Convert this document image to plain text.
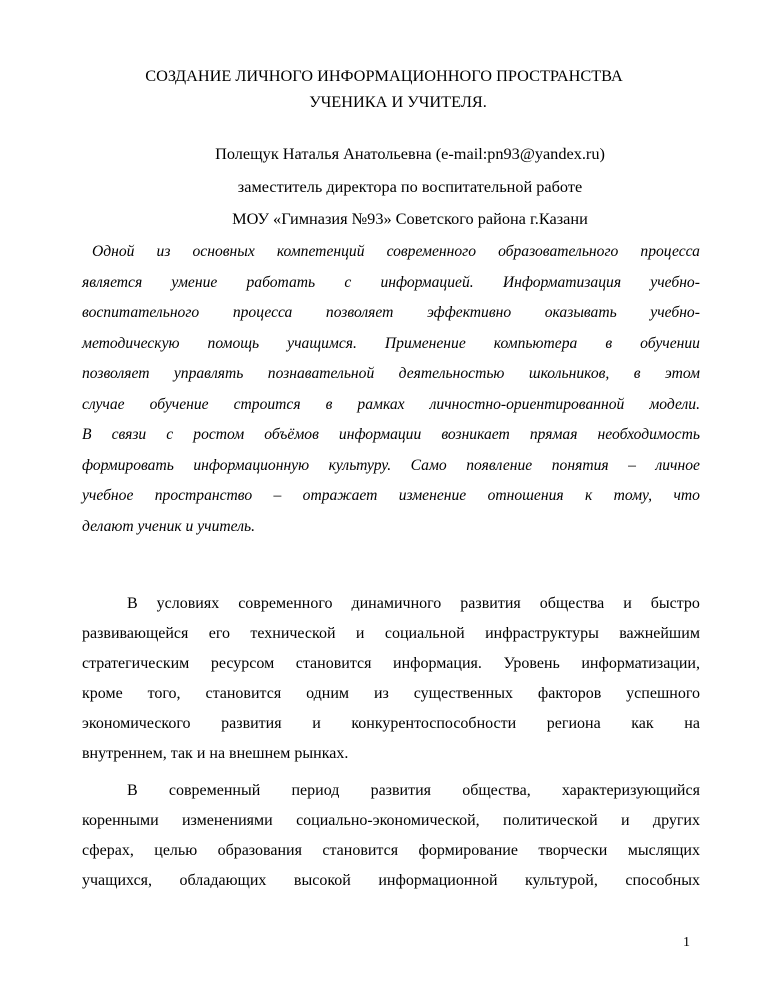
СОЗДАНИЕ ЛИЧНОГО ИНФОРМАЦИОННОГО ПРОСТРАНСТВА
УЧЕНИКА И УЧИТЕЛЯ.
Полещук Наталья Анатольевна (e-mail:pn93@yandex.ru)
заместитель директора по воспитательной работе
МОУ «Гимназия №93» Советского района г.Казани
Одной из основных компетенций современного образовательного процесса
является умение работать с информацией. Информатизация учебно-
воспитательного процесса позволяет эффективно оказывать учебно-
методическую помощь учащимся. Применение компьютера в обучении
позволяет управлять познавательной деятельностью школьников, в этом
случае обучение строится в рамках личностно-ориентированной модели.
В связи с ростом объёмов информации возникает прямая необходимость
формировать информационную культуру. Само появление понятия – личное
учебное пространство – отражает изменение отношения к тому, что
делают ученик и учитель.
В условиях современного динамичного развития общества и быстро
развивающейся его технической и социальной инфраструктуры важнейшим
стратегическим ресурсом становится информация. Уровень информатизации,
кроме того, становится одним из существенных факторов успешного
экономического развития и конкурентоспособности региона как на
внутреннем, так и на внешнем рынках.
В современный период развития общества, характеризующийся
коренными изменениями социально-экономической, политической и других
сферах, целью образования становится формирование творчески мыслящих
учащихся, обладающих высокой информационной культурой, способных
1
